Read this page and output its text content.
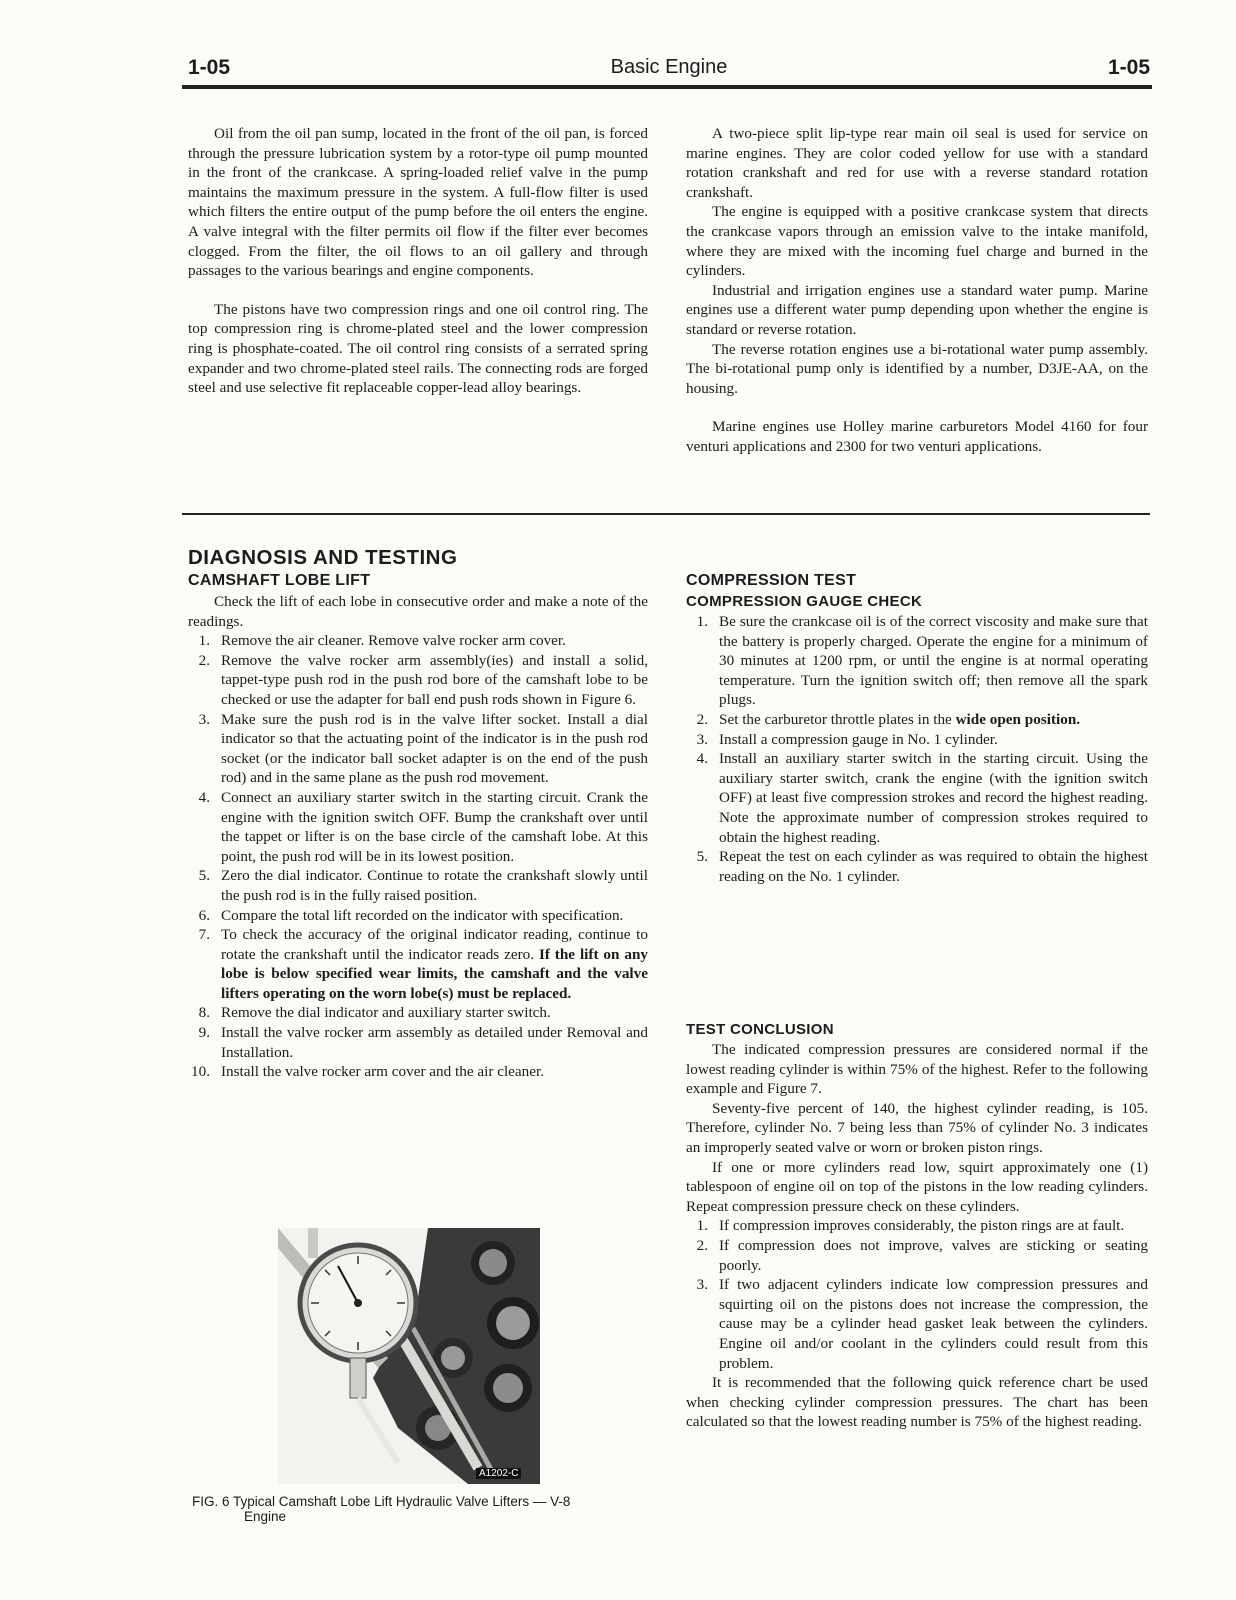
1-05	Basic Engine	1-05

Oil from the oil pan sump, located in the front of the oil pan, is forced through the pressure lubrication system by a rotor-type oil pump mounted in the front of the crankcase. A spring-loaded relief valve in the pump maintains the maximum pressure in the system. A full-flow filter is used which filters the entire output of the pump before the oil enters the engine. A valve integral with the filter permits oil flow if the filter ever becomes clogged. From the filter, the oil flows to an oil gallery and through passages to the various bearings and engine components.

The pistons have two compression rings and one oil control ring. The top compression ring is chrome-plated steel and the lower compression ring is phosphate-coated. The oil control ring consists of a serrated spring expander and two chrome-plated steel rails. The connecting rods are forged steel and use selective fit replaceable copper-lead alloy bearings.

A two-piece split lip-type rear main oil seal is used for service on marine engines. They are color coded yellow for use with a standard rotation crankshaft and red for use with a reverse standard rotation crankshaft.

The engine is equipped with a positive crankcase system that directs the crankcase vapors through an emission valve to the intake manifold, where they are mixed with the incoming fuel charge and burned in the cylinders.

Industrial and irrigation engines use a standard water pump. Marine engines use a different water pump depending upon whether the engine is standard or reverse rotation.

The reverse rotation engines use a bi-rotational water pump assembly. The bi-rotational pump only is identified by a number, D3JE-AA, on the housing.

Marine engines use Holley marine carburetors Model 4160 for four venturi applications and 2300 for two venturi applications.

DIAGNOSIS AND TESTING
CAMSHAFT LOBE LIFT

Check the lift of each lobe in consecutive order and make a note of the readings.

1. Remove the air cleaner. Remove valve rocker arm cover.
2. Remove the valve rocker arm assembly(ies) and install a solid, tappet-type push rod in the push rod bore of the camshaft lobe to be checked or use the adapter for ball end push rods shown in Figure 6.
3. Make sure the push rod is in the valve lifter socket. Install a dial indicator so that the actuating point of the indicator is in the push rod socket (or the indicator ball socket adapter is on the end of the push rod) and in the same plane as the push rod movement.
4. Connect an auxiliary starter switch in the starting circuit. Crank the engine with the ignition switch OFF. Bump the crankshaft over until the tappet or lifter is on the base circle of the camshaft lobe. At this point, the push rod will be in its lowest position.
5. Zero the dial indicator. Continue to rotate the crankshaft slowly until the push rod is in the fully raised position.
6. Compare the total lift recorded on the indicator with specification.
7. To check the accuracy of the original indicator reading, continue to rotate the crankshaft until the indicator reads zero. If the lift on any lobe is below specified wear limits, the camshaft and the valve lifters operating on the worn lobe(s) must be replaced.
8. Remove the dial indicator and auxiliary starter switch.
9. Install the valve rocker arm assembly as detailed under Removal and Installation.
10. Install the valve rocker arm cover and the air cleaner.
A1202-C
FIG. 6 Typical Camshaft Lobe Lift Hydraulic Valve Lifters — V-8
Engine
COMPRESSION TEST
COMPRESSION GAUGE CHECK
1. Be sure the crankcase oil is of the correct viscosity and make sure that the battery is properly charged. Operate the engine for a minimum of 30 minutes at 1200 rpm, or until the engine is at normal operating temperature. Turn the ignition switch off; then remove all the spark plugs.
2. Set the carburetor throttle plates in the wide open position.
3. Install a compression gauge in No. 1 cylinder.
4. Install an auxiliary starter switch in the starting circuit. Using the auxiliary starter switch, crank the engine (with the ignition switch OFF) at least five compression strokes and record the highest reading. Note the approximate number of compression strokes required to obtain the highest reading.
5. Repeat the test on each cylinder as was required to obtain the highest reading on the No. 1 cylinder.
TEST CONCLUSION

The indicated compression pressures are considered normal if the lowest reading cylinder is within 75% of the highest. Refer to the following example and Figure 7.

Seventy-five percent of 140, the highest cylinder reading, is 105. Therefore, cylinder No. 7 being less than 75% of cylinder No. 3 indicates an improperly seated valve or worn or broken piston rings.

If one or more cylinders read low, squirt approximately one (1) tablespoon of engine oil on top of the pistons in the low reading cylinders. Repeat compression pressure check on these cylinders.

1. If compression improves considerably, the piston rings are at fault.
2. If compression does not improve, valves are sticking or seating poorly.
3. If two adjacent cylinders indicate low compression pressures and squirting oil on the pistons does not increase the compression, the cause may be a cylinder head gasket leak between the cylinders. Engine oil and/or coolant in the cylinders could result from this problem.

It is recommended that the following quick reference chart be used when checking cylinder compression pressures. The chart has been calculated so that the lowest reading number is 75% of the highest reading.
